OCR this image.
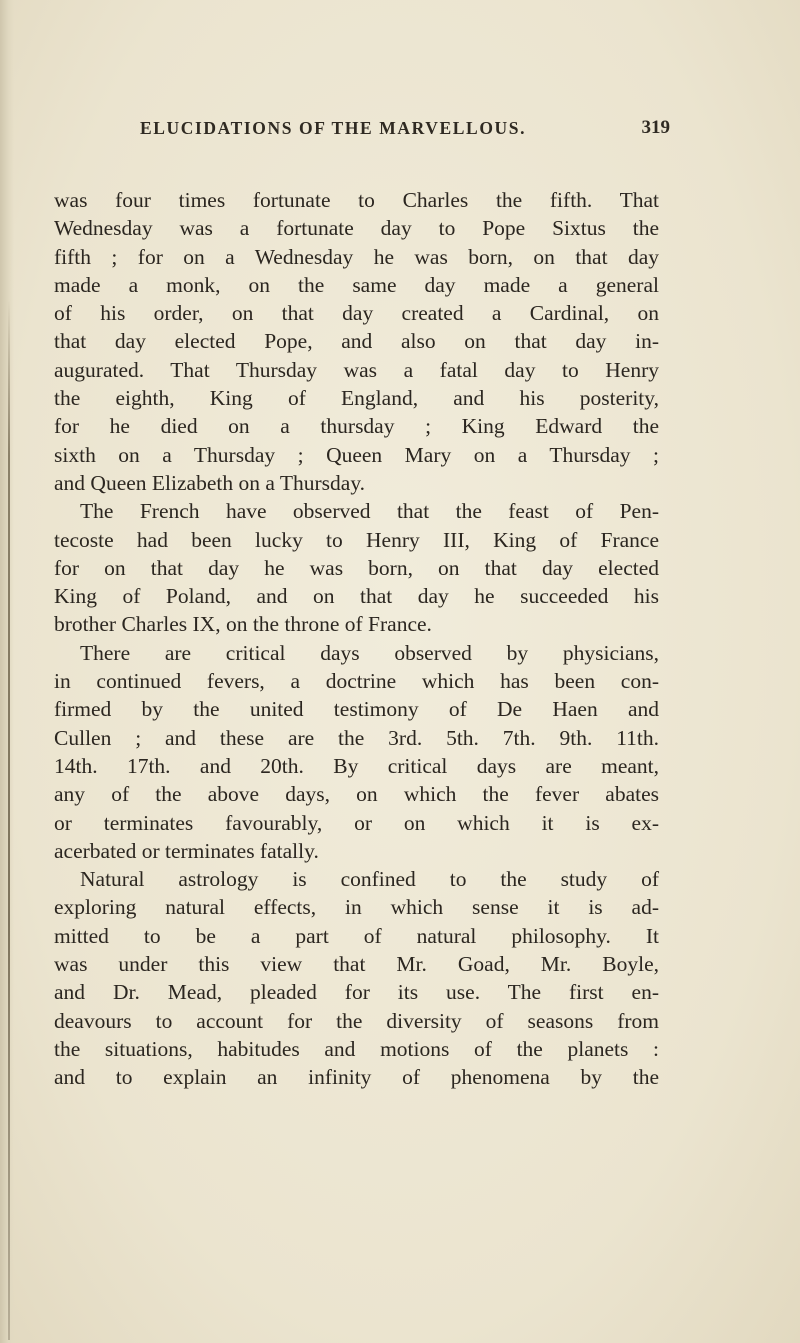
ELUCIDATIONS OF THE MARVELLOUS.	319
was four times fortunate to Charles the fifth. That
Wednesday was a fortunate day to Pope Sixtus the
fifth ; for on a Wednesday he was born, on that day
made a monk, on the same day made a general
of his order, on that day created a Cardinal, on
that day elected Pope, and also on that day in-
augurated. That Thursday was a fatal day to Henry
the eighth, King of England, and his posterity,
for he died on a thursday ; King Edward the
sixth on a Thursday ; Queen Mary on a Thursday ;
and Queen Elizabeth on a Thursday.
The French have observed that the feast of Pen-
tecoste had been lucky to Henry III, King of France
for on that day he was born, on that day elected
King of Poland, and on that day he succeeded his
brother Charles IX, on the throne of France.
There are critical days observed by physicians,
in continued fevers, a doctrine which has been con-
firmed by the united testimony of De Haen and
Cullen ; and these are the 3rd. 5th. 7th. 9th. 11th.
14th. 17th. and 20th. By critical days are meant,
any of the above days, on which the fever abates
or terminates favourably, or on which it is ex-
acerbated or terminates fatally.
Natural astrology is confined to the study of
exploring natural effects, in which sense it is ad-
mitted to be a part of natural philosophy. It
was under this view that Mr. Goad, Mr. Boyle,
and Dr. Mead, pleaded for its use. The first en-
deavours to account for the diversity of seasons from
the situations, habitudes and motions of the planets :
and to explain an infinity of phenomena by the
